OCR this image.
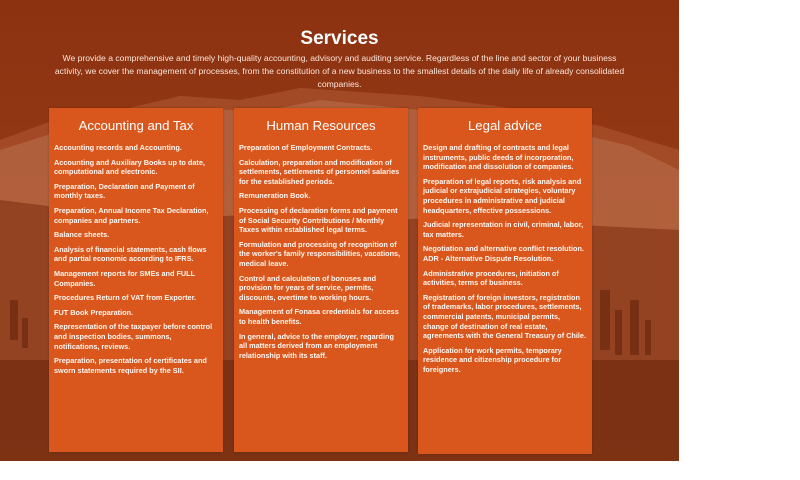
Services

We provide a comprehensive and timely high-quality accounting, advisory and auditing service. Regardless of the line and sector of your business activity, we cover the management of processes, from the constitution of a new business to the smallest details of the daily life of already consolidated companies.

Accounting and Tax
Accounting records and Accounting.
Accounting and Auxiliary Books up to date, computational and electronic.
Preparation, Declaration and Payment of monthly taxes.
Preparation, Annual Income Tax Declaration, companies and partners.
Balance sheets.
Analysis of financial statements, cash flows and partial economic according to IFRS.
Management reports for SMEs and FULL Companies.
Procedures Return of VAT from Exporter.
FUT Book Preparation.
Representation of the taxpayer before control and inspection bodies, summons, notifications, reviews.
Preparation, presentation of certificates and sworn statements required by the SII.
Human Resources
Preparation of Employment Contracts.
Calculation, preparation and modification of settlements, settlements of personnel salaries for the established periods.
Remuneration Book.
Processing of declaration forms and payment of Social Security Contributions / Monthly Taxes within established legal terms.
Formulation and processing of recognition of the worker's family responsibilities, vacations, medical leave.
Control and calculation of bonuses and provision for years of service, permits, discounts, overtime to working hours.
Management of Fonasa credentials for access to health benefits.
In general, advice to the employer, regarding all matters derived from an employment relationship with its staff.
Legal advice
Design and drafting of contracts and legal instruments, public deeds of incorporation, modification and dissolution of companies.
Preparation of legal reports, risk analysis and judicial or extrajudicial strategies, voluntary procedures in administrative and judicial headquarters, effective possessions.
Judicial representation in civil, criminal, labor, tax matters.
Negotiation and alternative conflict resolution. ADR - Alternative Dispute Resolution.
Administrative procedures, initiation of activities, terms of business.
Registration of foreign investors, registration of trademarks, labor procedures, settlements, commercial patents, municipal permits, change of destination of real estate, agreements with the General Treasury of Chile.
Application for work permits, temporary residence and citizenship procedure for foreigners.
